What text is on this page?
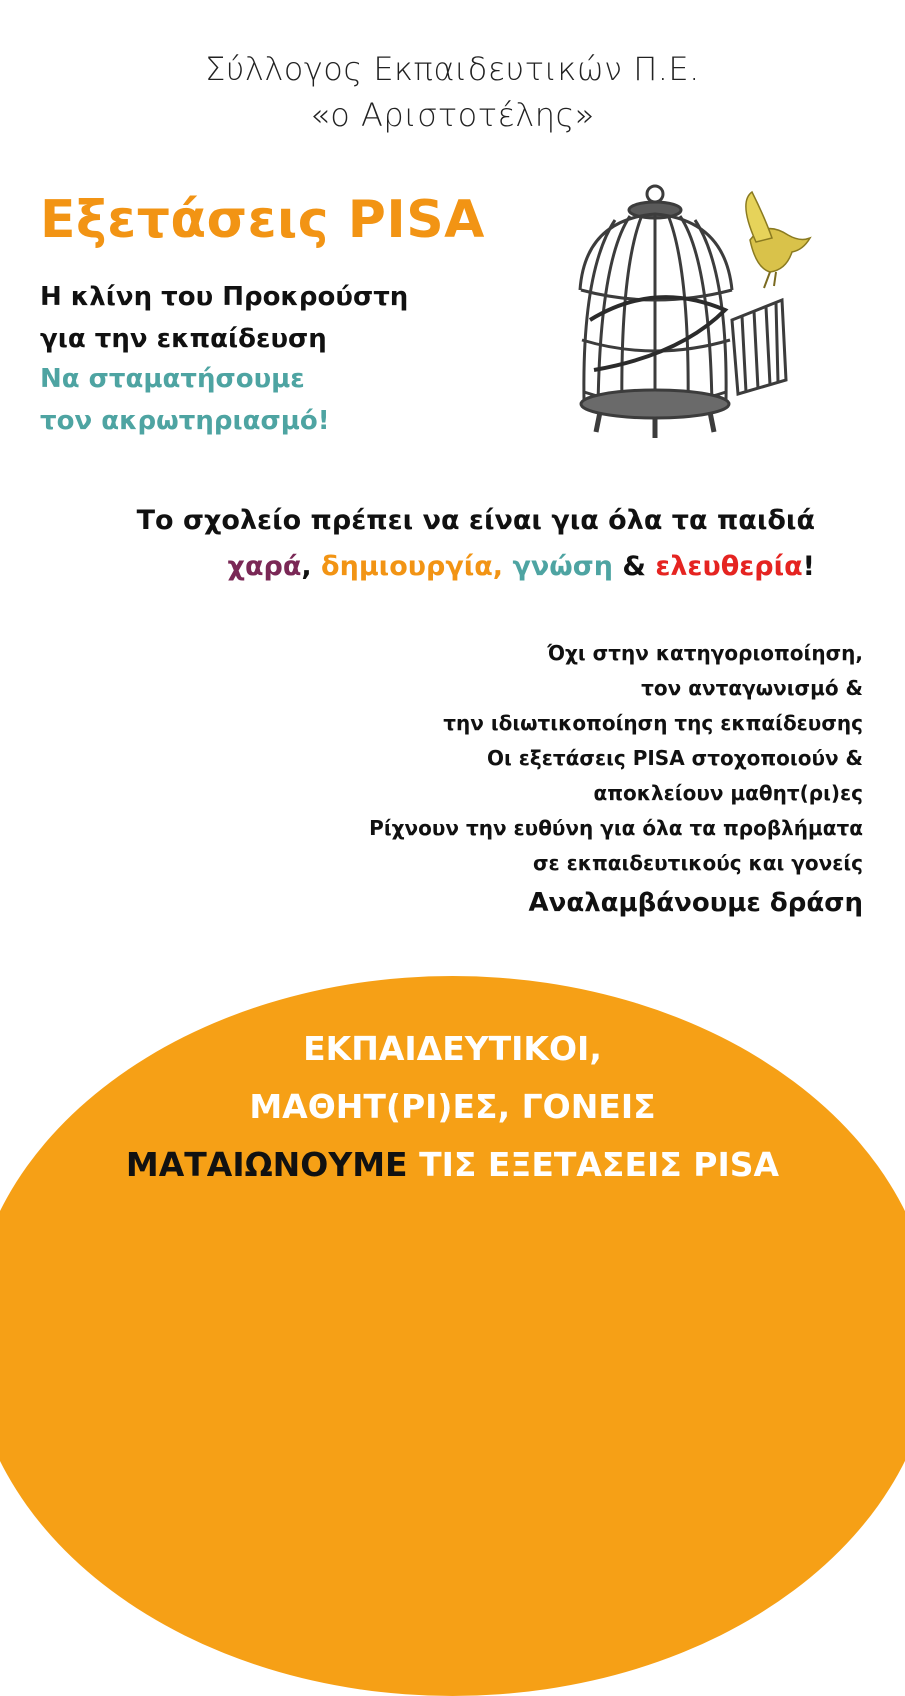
Σύλλογος Εκπαιδευτικών Π.Ε.
«ο Αριστοτέλης»
Εξετάσεις PISA
Η κλίνη του Προκρούστη
για την εκπαίδευση
Να σταματήσουμε
τον ακρωτηριασμό!
Το σχολείο πρέπει να είναι για όλα τα παιδιά
χαρά, δημιουργία, γνώση & ελευθερία!
Όχι στην κατηγοριοποίηση,
τον ανταγωνισμό &
την ιδιωτικοποίηση της εκπαίδευσης
Οι εξετάσεις PISA στοχοποιούν &
αποκλείουν μαθητ(ρι)ες
Ρίχνουν την ευθύνη για όλα τα προβλήματα
σε εκπαιδευτικούς και γονείς
Αναλαμβάνουμε δράση
ΕΚΠΑΙΔΕΥΤΙΚΟΙ,
ΜΑΘΗΤ(ΡΙ)ΕΣ, ΓΟΝΕΙΣ
ΜΑΤΑΙΩΝΟΥΜΕ ΤΙΣ ΕΞΕΤΑΣΕΙΣ PISA
